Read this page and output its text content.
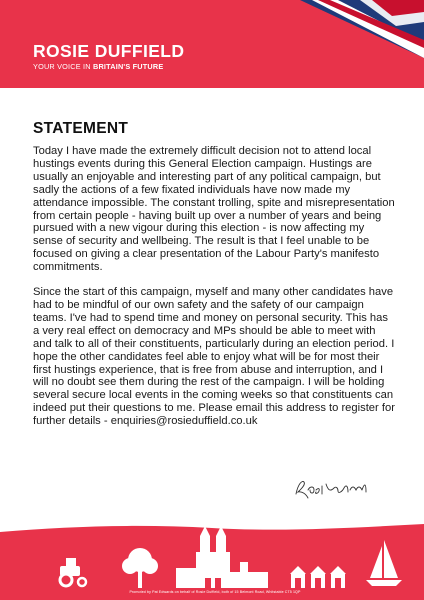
ROSIE DUFFIELD
YOUR VOICE IN BRITAIN'S FUTURE
STATEMENT

Today I have made the extremely difficult decision not to attend local hustings events during this General Election campaign. Hustings are usually an enjoyable and interesting part of any political campaign, but sadly the actions of a few fixated individuals have now made my attendance impossible. The constant trolling, spite and misrepresentation from certain people - having built up over a number of years and being pursued with a new vigour during this election - is now affecting my sense of security and wellbeing. The result is that I feel unable to be focused on giving a clear presentation of the Labour Party's manifesto commitments.

Since the start of this campaign, myself and many other candidates have had to be mindful of our own safety and the safety of our campaign teams. I've had to spend time and money on personal security. This has a very real effect on democracy and MPs should be able to meet with and talk to all of their constituents, particularly during an election period. I hope the other candidates feel able to enjoy what will be for most their first hustings experience, that is free from abuse and interruption, and I will no doubt see them during the rest of the campaign. I will be holding several secure local events in the coming weeks so that constituents can indeed put their questions to me. Please email this address to register for further details - enquiries@rosieduffield.co.uk

Promoted by Pat Edwards on behalf of Rosie Duffield, both of 15 Belmont Road, Whitstable CT5 1QP
